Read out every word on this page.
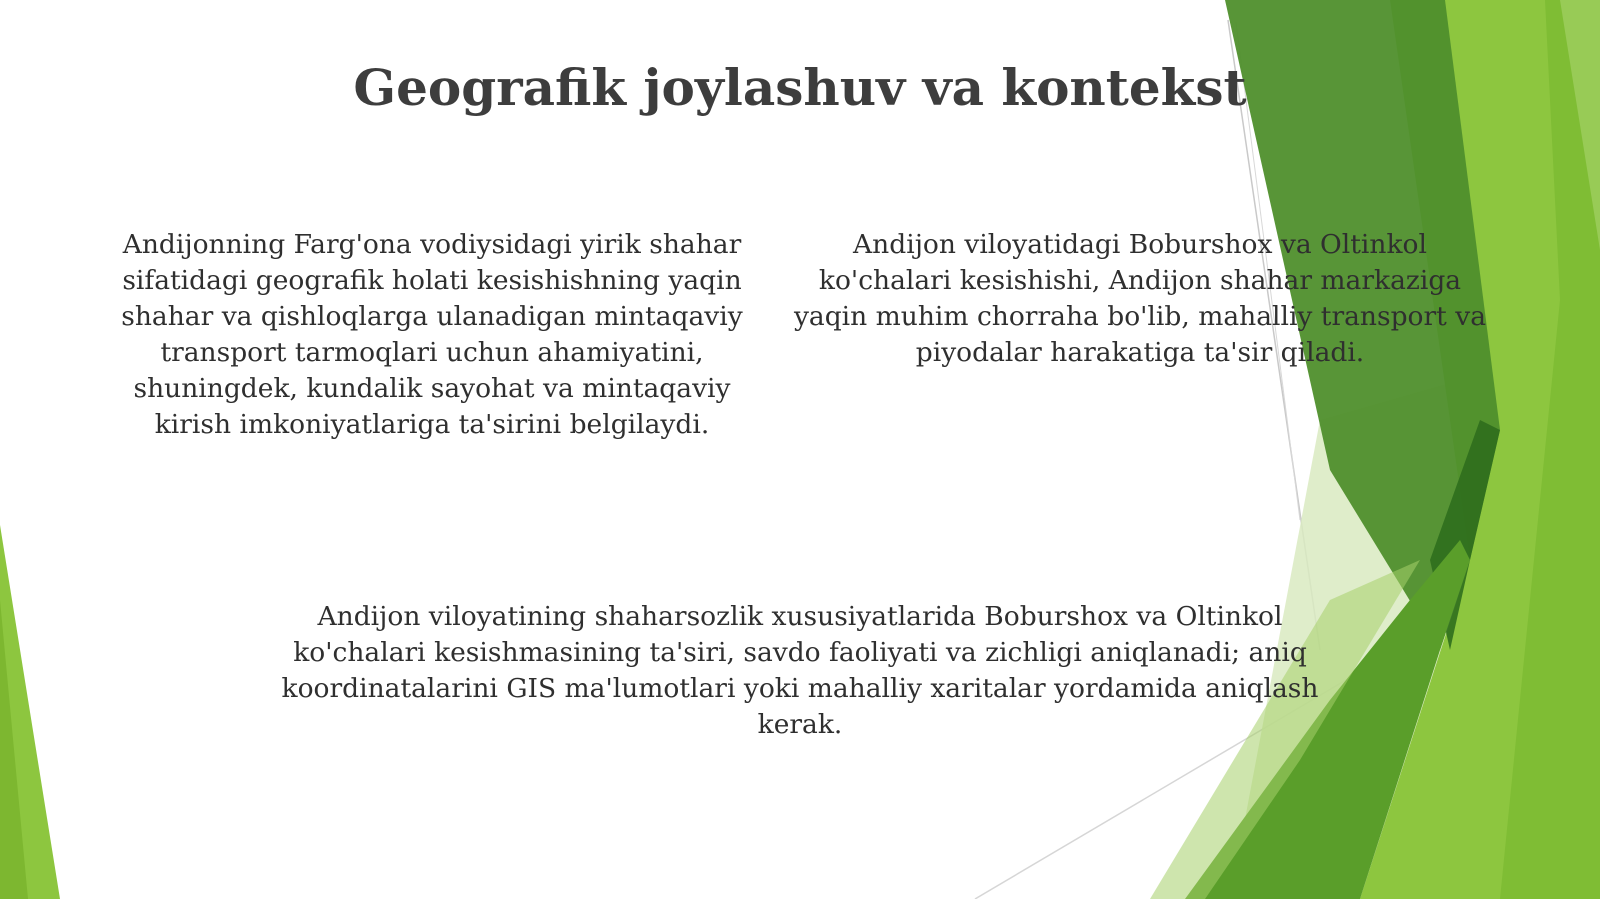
Geografik joylashuv va kontekst

Andijonning Farg'ona vodiysidagi yirik shahar sifatidagi geografik holati kesishishning yaqin shahar va qishloqlarga ulanadigan mintaqaviy transport tarmoqlari uchun ahamiyatini, shuningdek, kundalik sayohat va mintaqaviy kirish imkoniyatlariga ta'sirini belgilaydi.

Andijon viloyatidagi Boburshoх va Oltinkol ko'chalari kesishishi, Andijon shahar markaziga yaqin muhim chorraha bo'lib, mahalliy transport va piyodalar harakatiga ta'sir qiladi.

Andijon viloyatining shaharsozlik xususiyatlarida Boburshoх va Oltinkol ko'chalari kesishmasining ta'siri, savdo faoliyati va zichligi aniqlanadi; aniq koordinatalarini GIS ma'lumotlari yoki mahalliy xaritalar yordamida aniqlash kerak.
